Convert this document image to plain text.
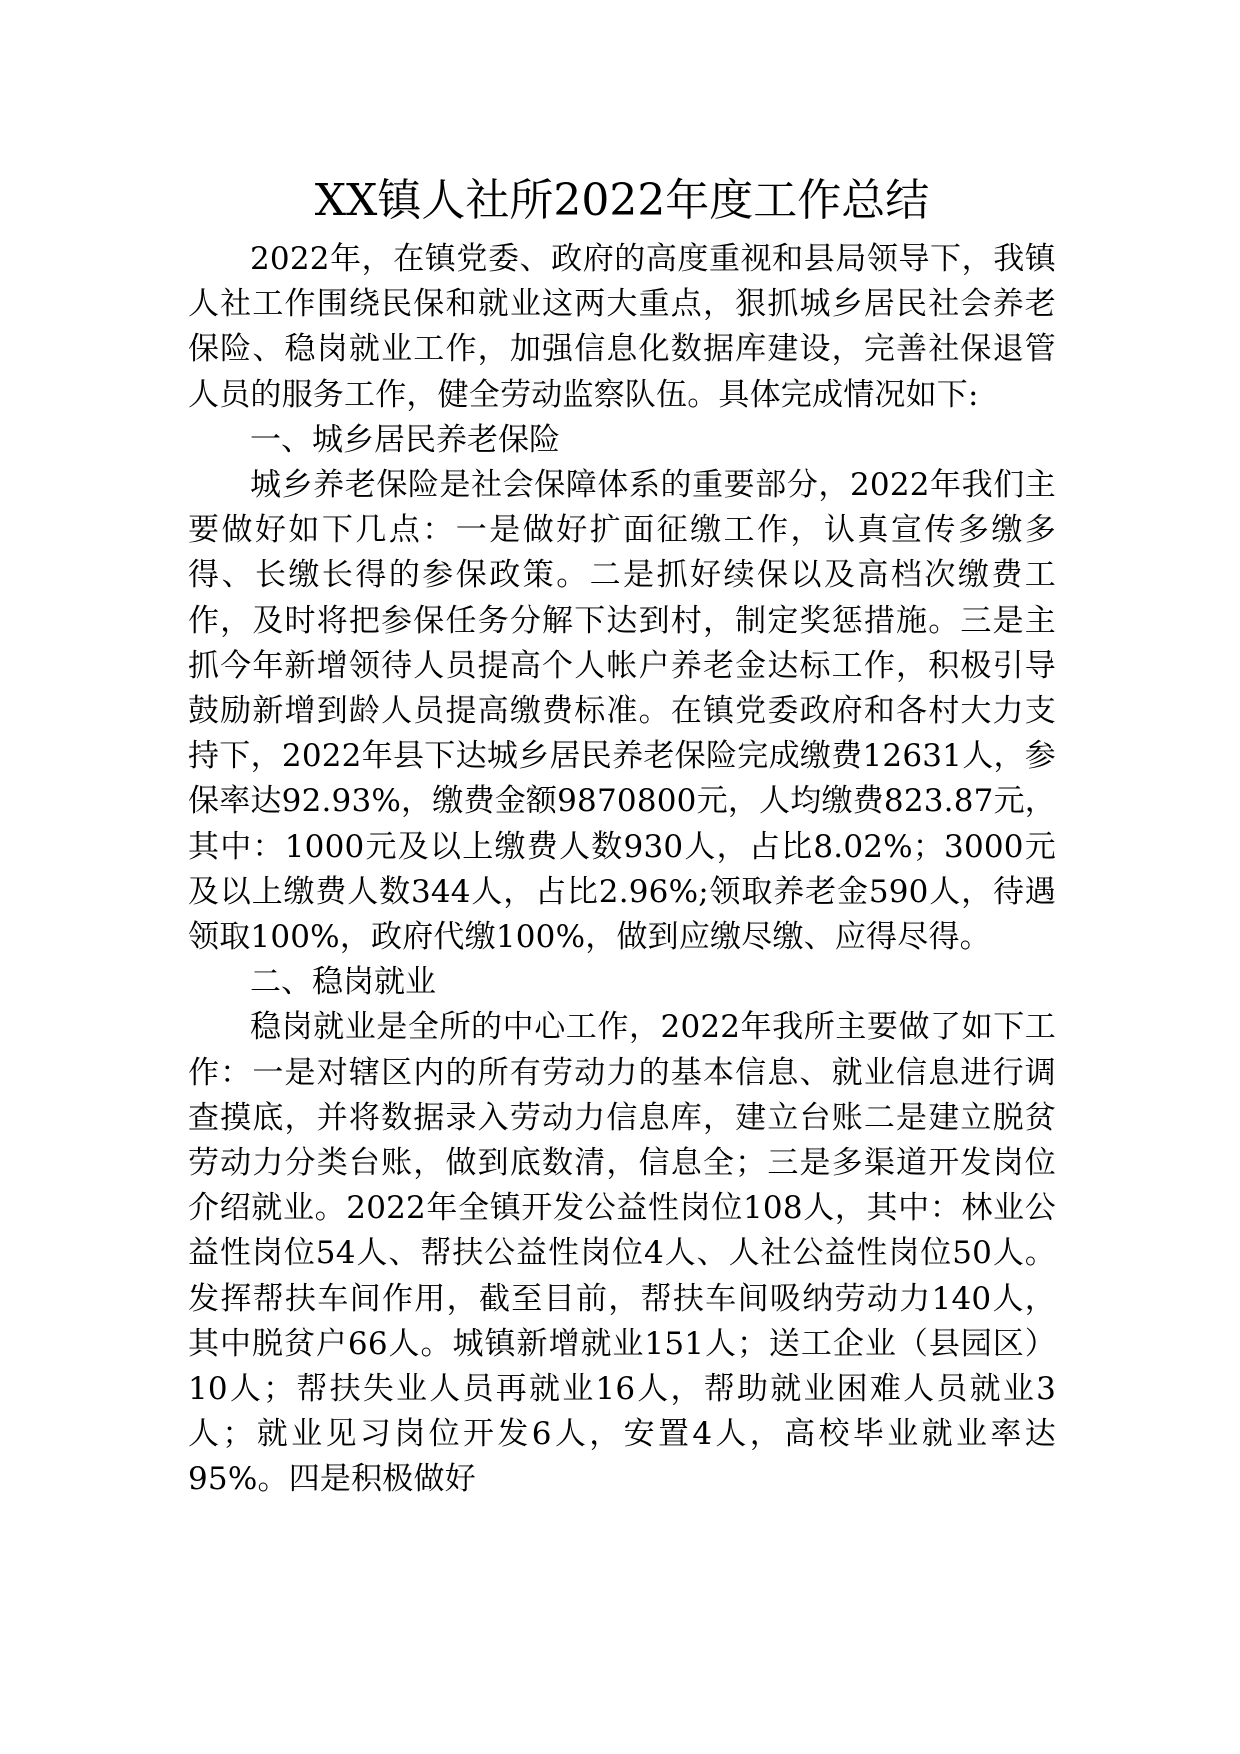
XX镇人社所2022年度工作总结

2022年，在镇党委、政府的高度重视和县局领导下，我镇人社工作围绕民保和就业这两大重点，狠抓城乡居民社会养老保险、稳岗就业工作，加强信息化数据库建设，完善社保退管人员的服务工作，健全劳动监察队伍。具体完成情况如下:

一、城乡居民养老保险

城乡养老保险是社会保障体系的重要部分，2022年我们主要做好如下几点：一是做好扩面征缴工作，认真宣传多缴多得、长缴长得的参保政策。二是抓好续保以及高档次缴费工作，及时将把参保任务分解下达到村，制定奖惩措施。三是主抓今年新增领待人员提高个人帐户养老金达标工作，积极引导鼓励新增到龄人员提高缴费标准。在镇党委政府和各村大力支持下，2022年县下达城乡居民养老保险完成缴费12631人，参保率达92.93%，缴费金额9870800元，人均缴费823.87元，其中：1000元及以上缴费人数930人，占比8.02%；3000元及以上缴费人数344人，占比2.96%;领取养老金590人，待遇领取100%，政府代缴100%，做到应缴尽缴、应得尽得。

二、稳岗就业

稳岗就业是全所的中心工作，2022年我所主要做了如下工作：一是对辖区内的所有劳动力的基本信息、就业信息进行调查摸底，并将数据录入劳动力信息库，建立台账二是建立脱贫劳动力分类台账，做到底数清，信息全；三是多渠道开发岗位介绍就业。2022年全镇开发公益性岗位108人，其中：林业公益性岗位54人、帮扶公益性岗位4人、人社公益性岗位50人。发挥帮扶车间作用，截至目前，帮扶车间吸纳劳动力140人，其中脱贫户66人。城镇新增就业151人；送工企业（县园区）10人；帮扶失业人员再就业16人，帮助就业困难人员就业3人；就业见习岗位开发6人，安置4人，高校毕业就业率达95%。四是积极做好
